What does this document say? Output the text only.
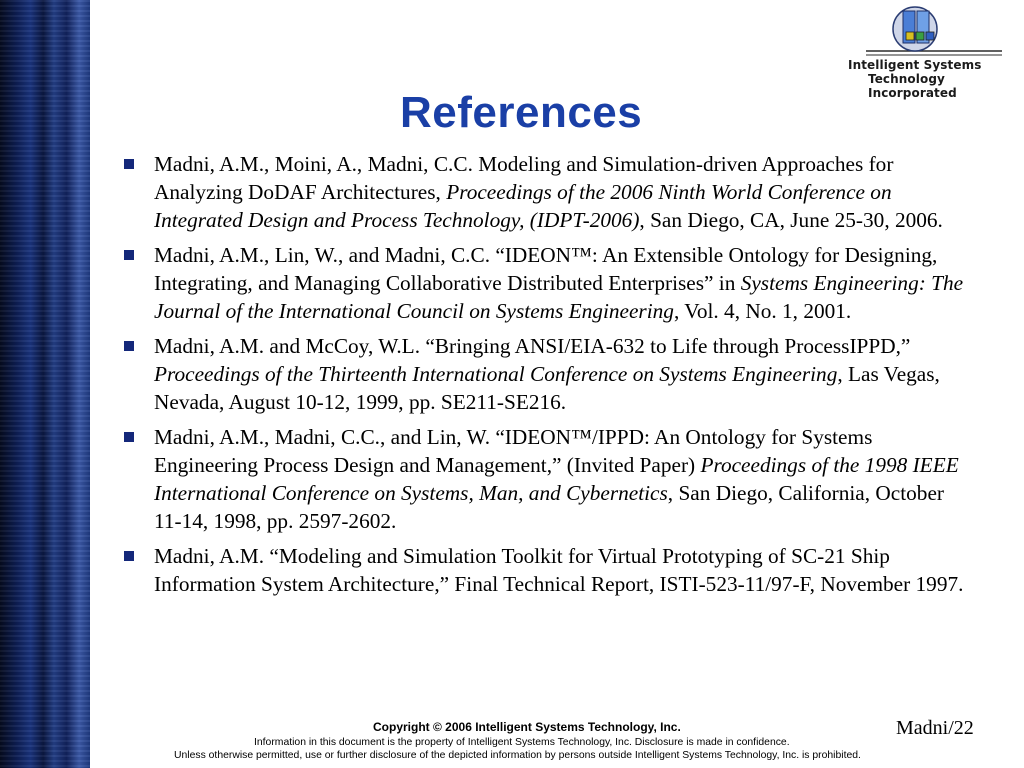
Intelligent Systems
Technology Incorporated
References
Madni, A.M., Moini, A., Madni, C.C. Modeling and Simulation-driven Approaches for Analyzing DoDAF Architectures, Proceedings of the 2006 Ninth World Conference on Integrated Design and Process Technology, (IDPT-2006), San Diego, CA, June 25-30, 2006.
Madni, A.M., Lin, W., and Madni, C.C. “IDEON™: An Extensible Ontology for Designing, Integrating, and Managing Collaborative Distributed Enterprises” in Systems Engineering: The Journal of the International Council on Systems Engineering, Vol. 4, No. 1, 2001.
Madni, A.M. and McCoy, W.L. “Bringing ANSI/EIA-632 to Life through ProcessIPPD,” Proceedings of the Thirteenth International Conference on Systems Engineering, Las Vegas, Nevada, August 10-12, 1999, pp. SE211-SE216.
Madni, A.M., Madni, C.C., and Lin, W. “IDEON™/IPPD: An Ontology for Systems Engineering Process Design and Management,” (Invited Paper) Proceedings of the 1998 IEEE International Conference on Systems, Man, and Cybernetics, San Diego, California, October 11-14, 1998, pp. 2597-2602.
Madni, A.M. “Modeling and Simulation Toolkit for Virtual Prototyping of SC-21 Ship Information System Architecture,” Final Technical Report, ISTI-523-11/97-F, November 1997.
Copyright © 2006 Intelligent Systems Technology, Inc.
Information in this document is the property of Intelligent Systems Technology, Inc. Disclosure is made in confidence.
Unless otherwise permitted, use or further disclosure of the depicted information by persons outside Intelligent Systems Technology, Inc. is prohibited.
Madni/22
